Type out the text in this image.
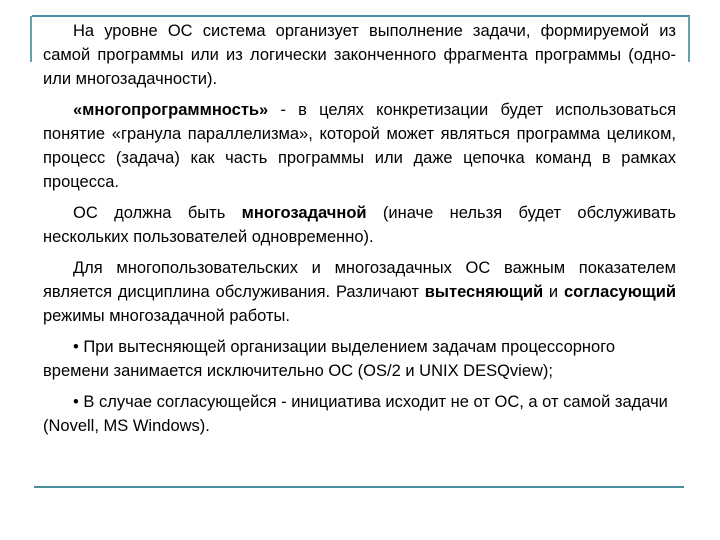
На уровне ОС система организует выполнение задачи, формируемой из самой программы или из логически законченного фрагмента программы (одно- или многозадачности).

«многопрограммность» - в целях конкретизации будет использоваться понятие «гранула параллелизма», которой может являться программа целиком, процесс (задача) как часть программы или даже цепочка команд в рамках процесса.

ОС должна быть многозадачной (иначе нельзя будет обслуживать нескольких пользователей одновременно).

Для многопользовательских и многозадачных ОС важным показателем является дисциплина обслуживания. Различают вытесняющий и согласующий режимы многозадачной работы.

• При вытесняющей организации выделением задачам процессорного времени занимается исключительно ОС (OS/2 и UNIX DESQview);

• В случае согласующейся - инициатива исходит не от ОС, а от самой задачи (Novell, MS Windows).
